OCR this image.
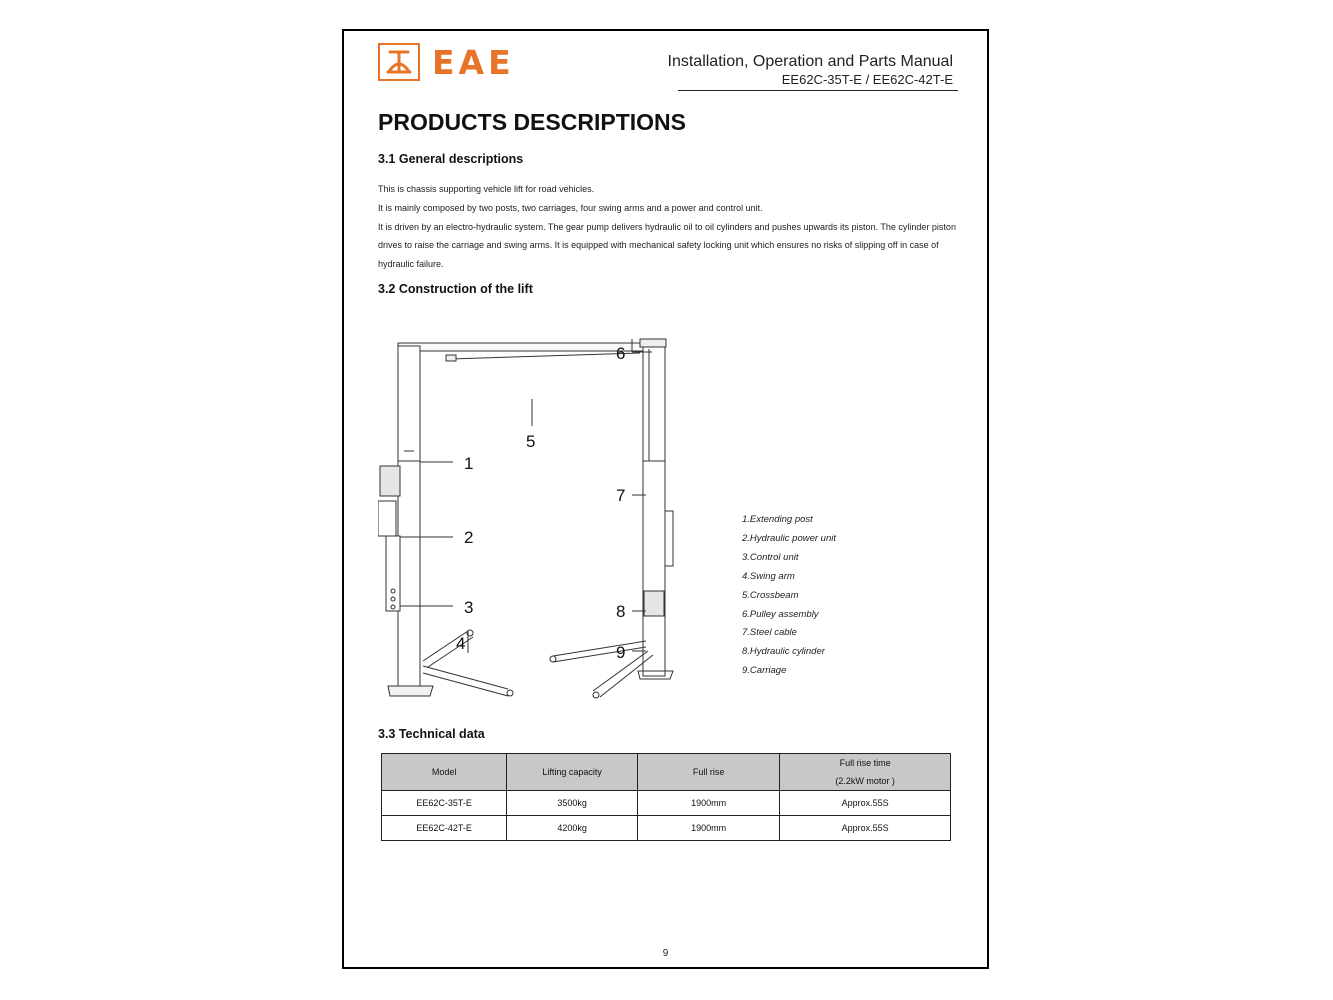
EAE	Installation, Operation and Parts Manual
EE62C-35T-E / EE62C-42T-E
PRODUCTS DESCRIPTIONS
3.1 General descriptions

This is chassis supporting vehicle lift for road vehicles.

It is mainly composed by two posts, two carriages, four swing arms and a power and control unit.

It is driven by an electro-hydraulic system. The gear pump delivers hydraulic oil to oil cylinders and pushes upwards its piston. The cylinder piston drives to raise the carriage and swing arms. It is equipped with mechanical safety locking unit which ensures no risks of slipping off in case of hydraulic failure.

3.2 Construction of the lift
1
2
3
4
5
6
7
8
9
1.Extending post
2.Hydraulic power unit
3.Control unit
4.Swing arm
5.Crossbeam
6.Pulley assembly
7.Steel cable
8.Hydraulic cylinder
9.Carriage
3.3 Technical data
Model	Lifting capacity	Full rise	Full rise time
(2.2kW motor )

EE62C-35T-E	3500kg	1900mm	Approx.55S
EE62C-42T-E	4200kg	1900mm	Approx.55S
9
